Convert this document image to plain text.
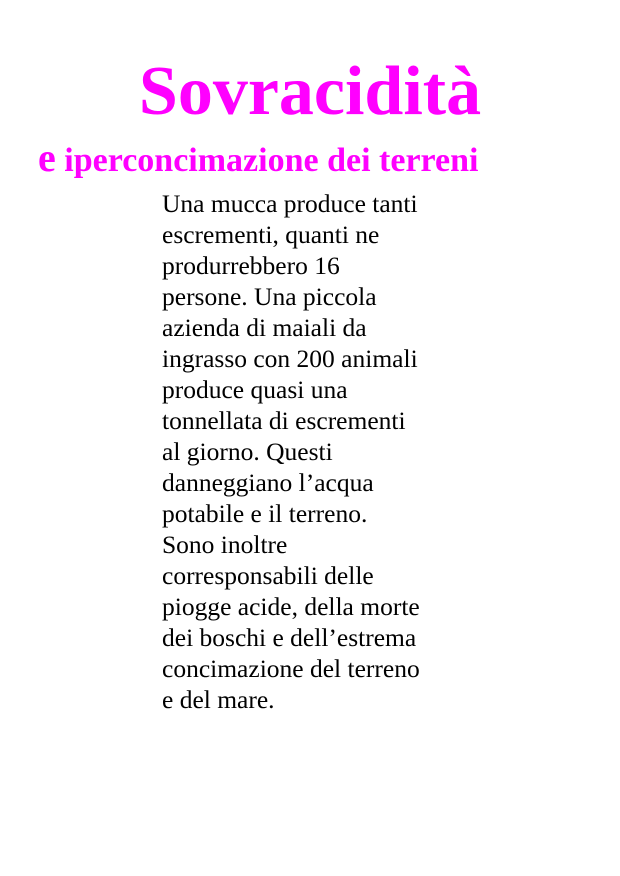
Sovracidità
e iperconcimazione dei terreni

Una mucca produce tanti
escrementi, quanti ne
produrrebbero 16
persone. Una piccola
azienda di maiali da
ingrasso con 200 animali
produce quasi una
tonnellata di escrementi
al giorno. Questi
danneggiano l’acqua
potabile e il terreno.
Sono inoltre
corresponsabili delle
piogge acide, della morte
dei boschi e dell’estrema
concimazione del terreno
e del mare.
